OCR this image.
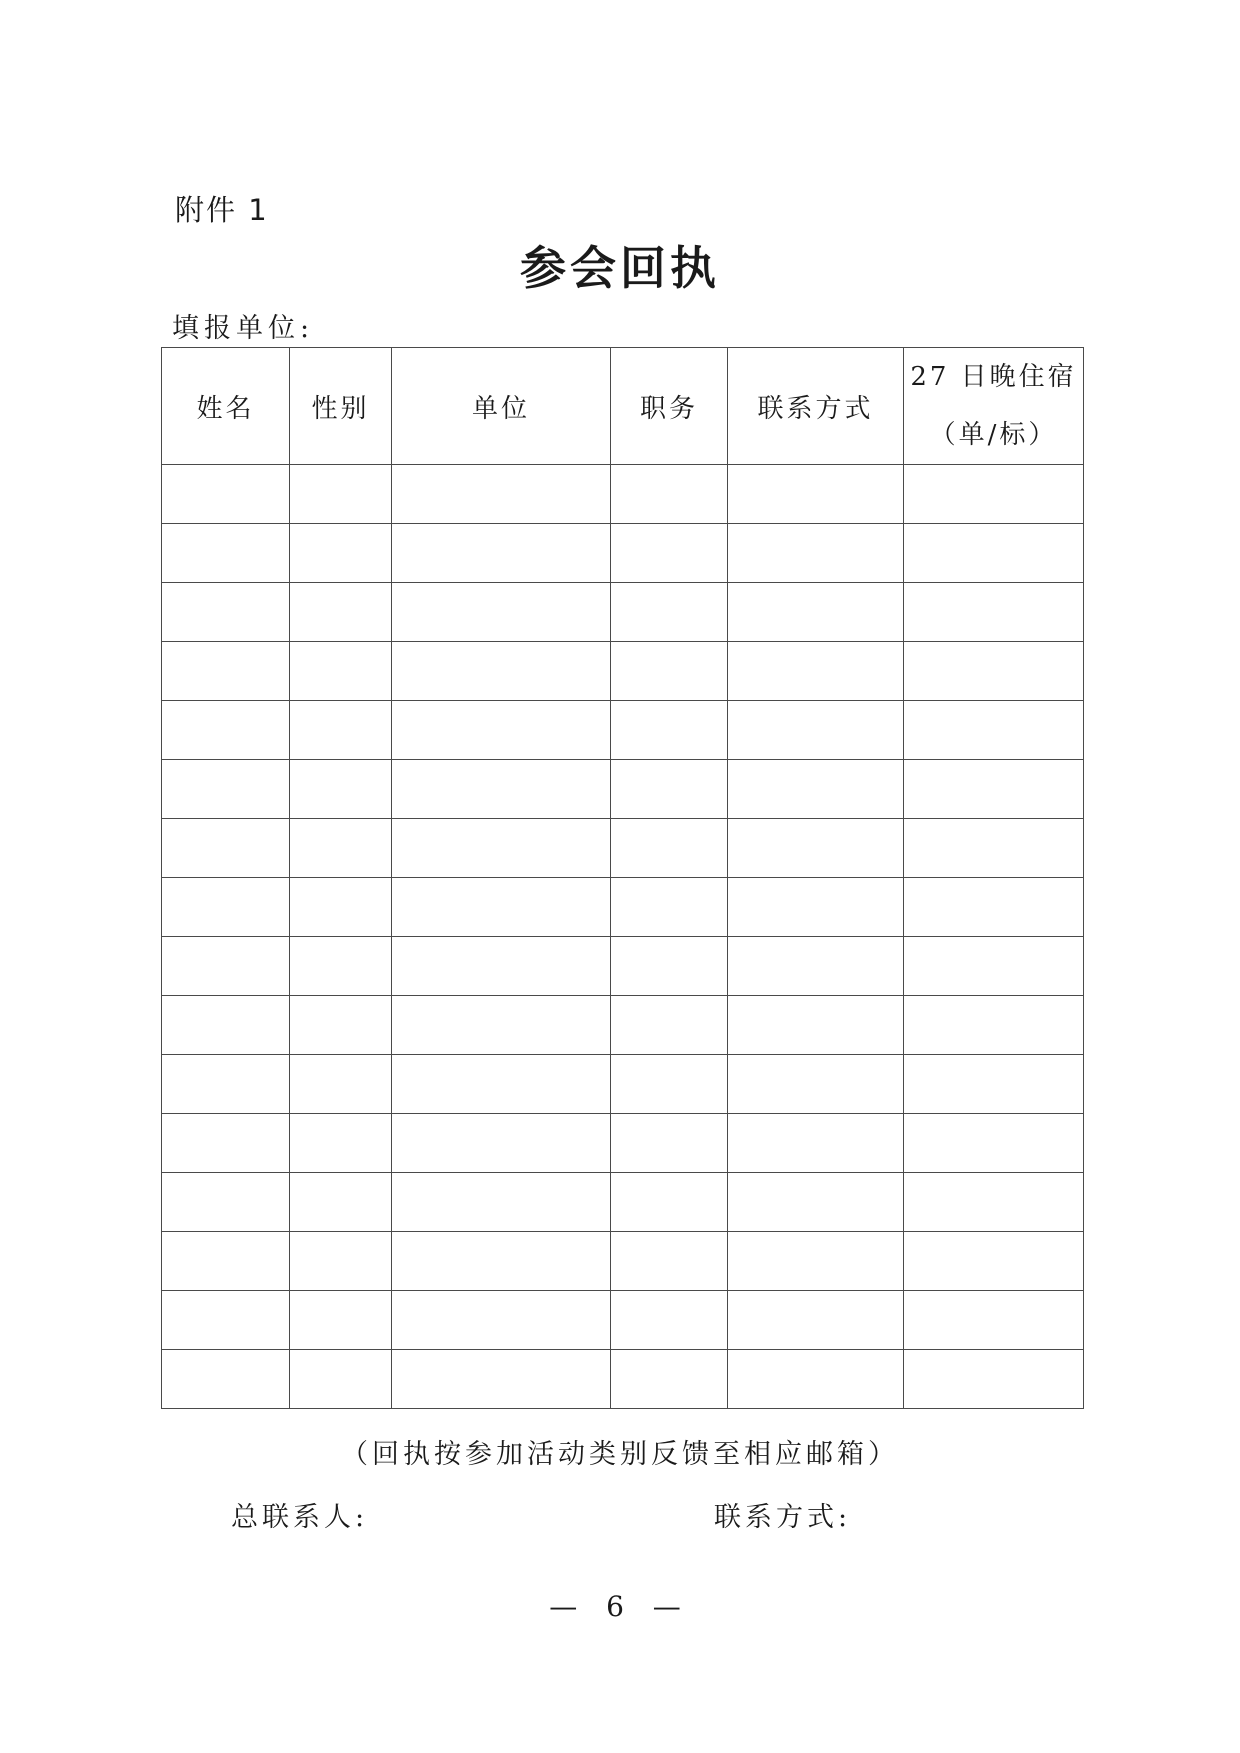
附件 1
参会回执
填报单位:
姓名	性别	单位	职务	联系方式	27 日晚住宿
（单/标）

（回执按参加活动类别反馈至相应邮箱）
总联系人:	联系方式:
— 6 —
